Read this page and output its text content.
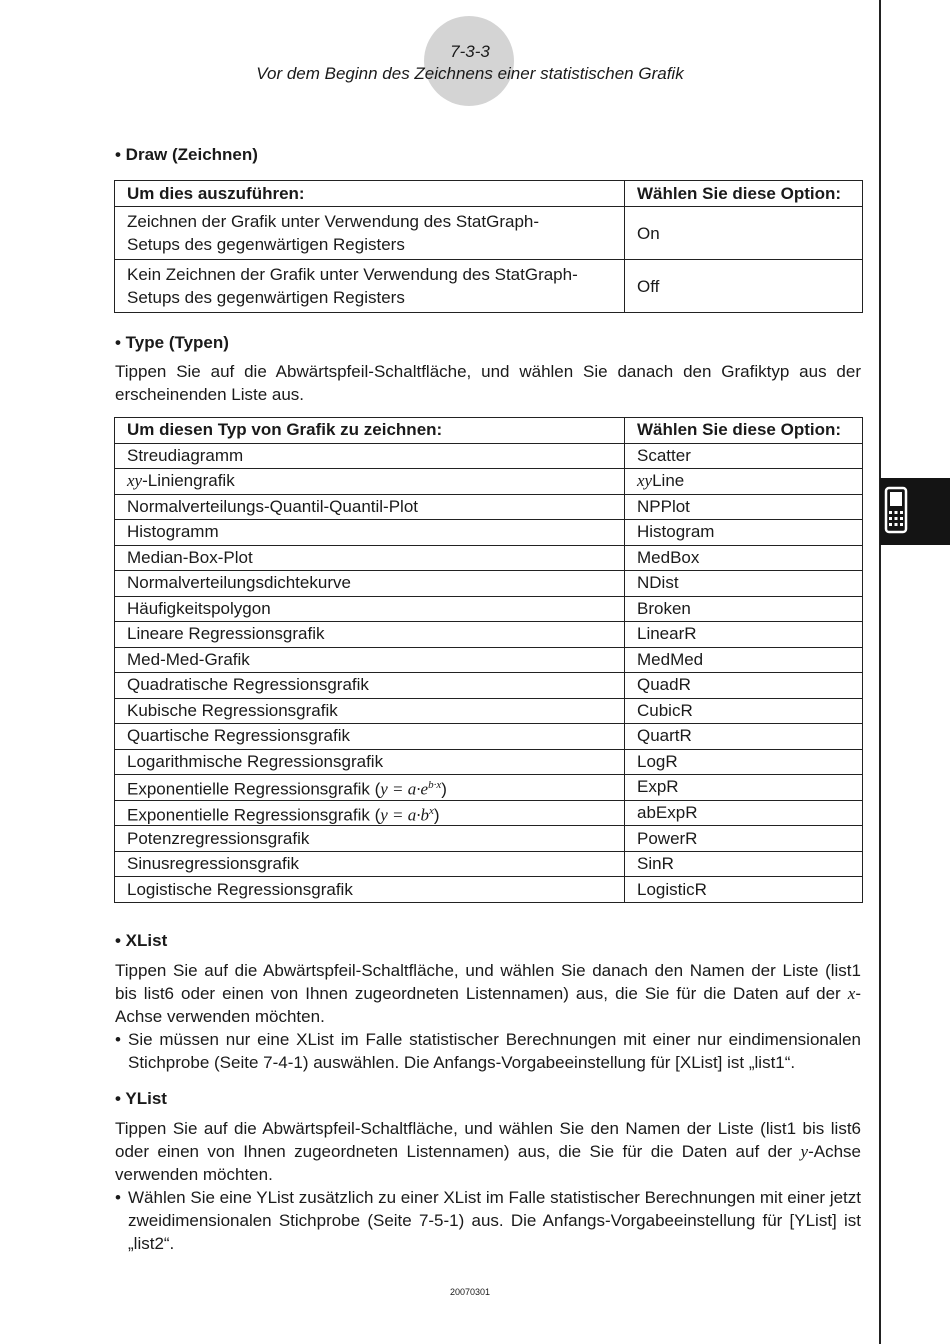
7-3-3
Vor dem Beginn des Zeichnens einer statistischen Grafik
• Draw (Zeichnen)
Um dies auszuführen:	Wählen Sie diese Option:
Zeichnen der Grafik unter Verwendung des StatGraph-
Setups des gegenwärtigen Registers	On
Kein Zeichnen der Grafik unter Verwendung des StatGraph-
Setups des gegenwärtigen Registers	Off
• Type (Typen)
Tippen Sie auf die Abwärtspfeil-Schaltfläche, und wählen Sie danach den Grafiktyp aus der erscheinenden Liste aus.
Um diesen Typ von Grafik zu zeichnen:	Wählen Sie diese Option:
Streudiagramm	Scatter
xy-Liniengrafik	xyLine
Normalverteilungs-Quantil-Quantil-Plot	NPPlot
Histogramm	Histogram
Median-Box-Plot	MedBox
Normalverteilungsdichtekurve	NDist
Häufigkeitspolygon	Broken
Lineare Regressionsgrafik	LinearR
Med-Med-Grafik	MedMed
Quadratische Regressionsgrafik	QuadR
Kubische Regressionsgrafik	CubicR
Quartische Regressionsgrafik	QuartR
Logarithmische Regressionsgrafik	LogR
Exponentielle Regressionsgrafik $(y = a\cdot e^{b\cdot x})$	ExpR
Exponentielle Regressionsgrafik $(y = a\cdot b^x)$	abExpR
Potenzregressionsgrafik	PowerR
Sinusregressionsgrafik	SinR
Logistische Regressionsgrafik	LogisticR
• XList
Tippen Sie auf die Abwärtspfeil-Schaltfläche, und wählen Sie danach den Namen der Liste (list1 bis list6 oder einen von Ihnen zugeordneten Listennamen) aus, die Sie für die Daten auf der x-Achse verwenden möchten.
• Sie müssen nur eine XList im Falle statistischer Berechnungen mit einer nur eindimensionalen Stichprobe (Seite 7-4-1) auswählen. Die Anfangs-Vorgabeeinstellung für [XList] ist „list1“.
• YList
Tippen Sie auf die Abwärtspfeil-Schaltfläche, und wählen Sie den Namen der Liste (list1 bis list6 oder einen von Ihnen zugeordneten Listennamen) aus, die Sie für die Daten auf der y-Achse verwenden möchten.
• Wählen Sie eine YList zusätzlich zu einer XList im Falle statistischer Berechnungen mit einer jetzt zweidimensionalen Stichprobe (Seite 7-5-1) aus. Die Anfangs-Vorgabeeinstellung für [YList] ist „list2“.
20070301
